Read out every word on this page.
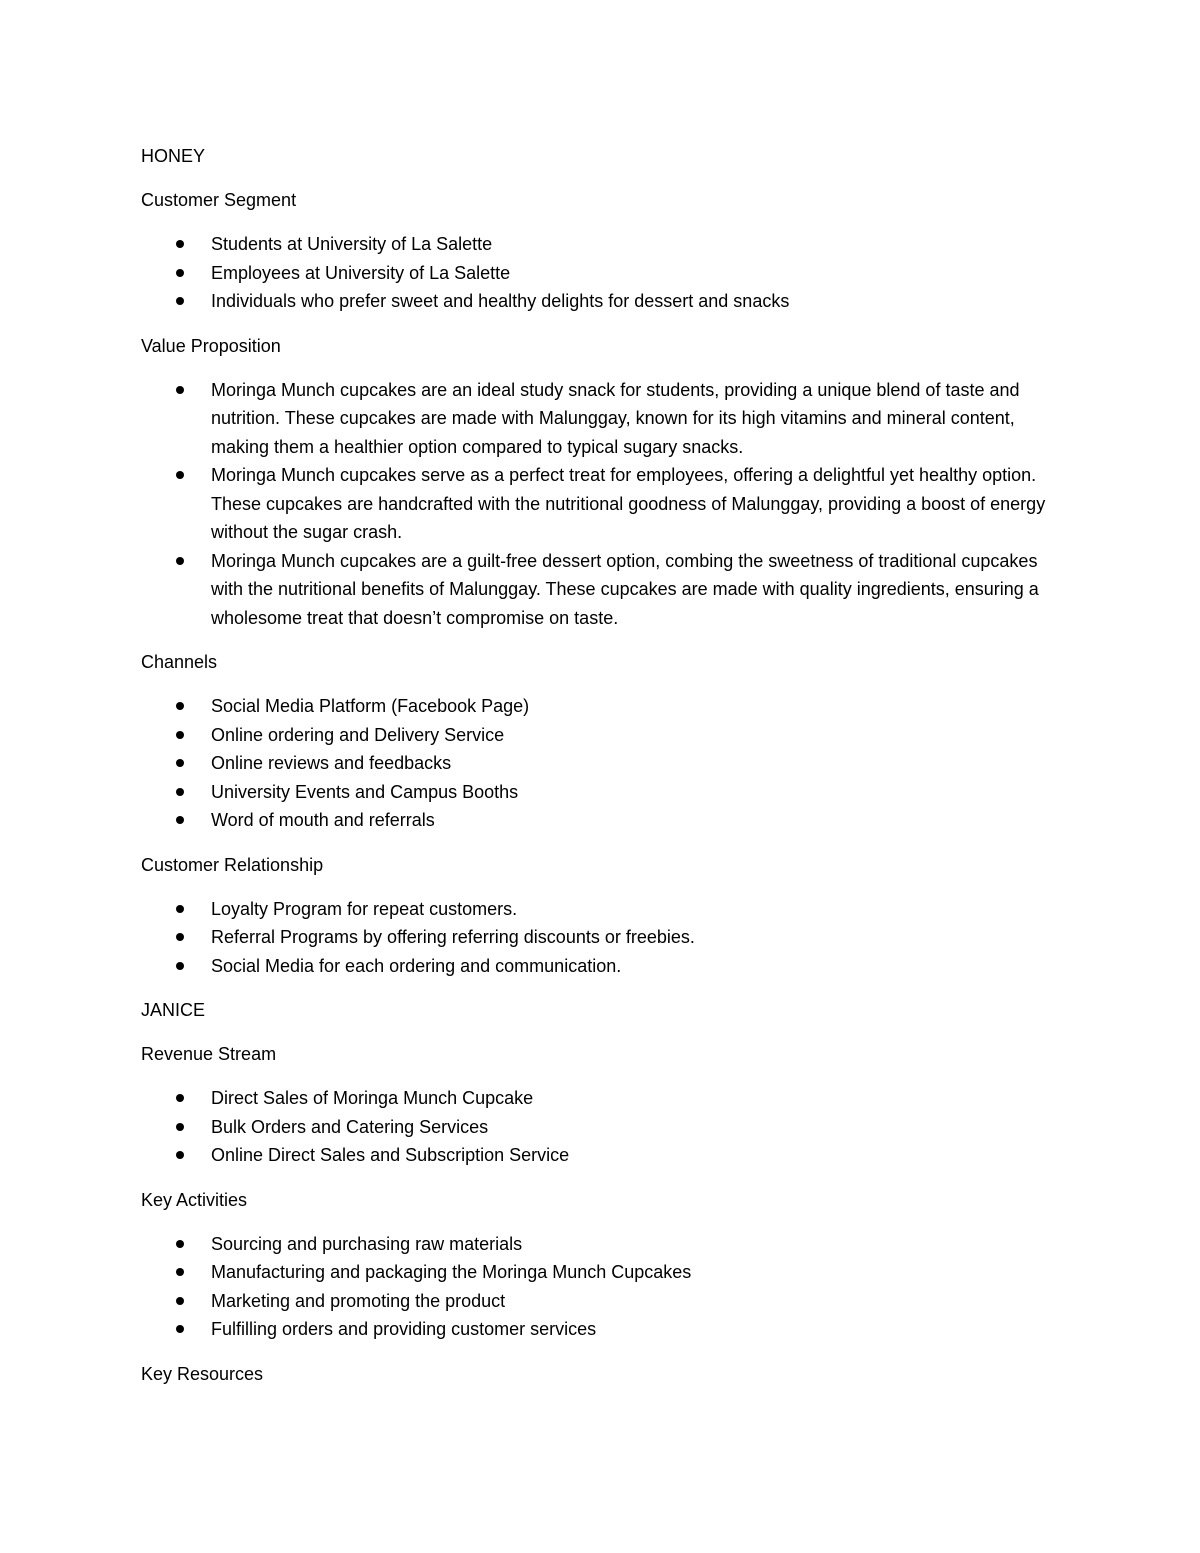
HONEY

Customer Segment

Students at University of La Salette
Employees at University of La Salette
Individuals who prefer sweet and healthy delights for dessert and snacks

Value Proposition

Moringa Munch cupcakes are an ideal study snack for students, providing a unique blend of taste and nutrition. These cupcakes are made with Malunggay, known for its high vitamins and mineral content, making them a healthier option compared to typical sugary snacks.
Moringa Munch cupcakes serve as a perfect treat for employees, offering a delightful yet healthy option. These cupcakes are handcrafted with the nutritional goodness of Malunggay, providing a boost of energy without the sugar crash.
Moringa Munch cupcakes are a guilt-free dessert option, combing the sweetness of traditional cupcakes with the nutritional benefits of Malunggay. These cupcakes are made with quality ingredients, ensuring a wholesome treat that doesn’t compromise on taste.

Channels

Social Media Platform (Facebook Page)
Online ordering and Delivery Service
Online reviews and feedbacks
University Events and Campus Booths
Word of mouth and referrals

Customer Relationship

Loyalty Program for repeat customers.
Referral Programs by offering referring discounts or freebies.
Social Media for each ordering and communication.

JANICE

Revenue Stream

Direct Sales of Moringa Munch Cupcake
Bulk Orders and Catering Services
Online Direct Sales and Subscription Service

Key Activities

Sourcing and purchasing raw materials
Manufacturing and packaging the Moringa Munch Cupcakes
Marketing and promoting the product
Fulfilling orders and providing customer services

Key Resources
